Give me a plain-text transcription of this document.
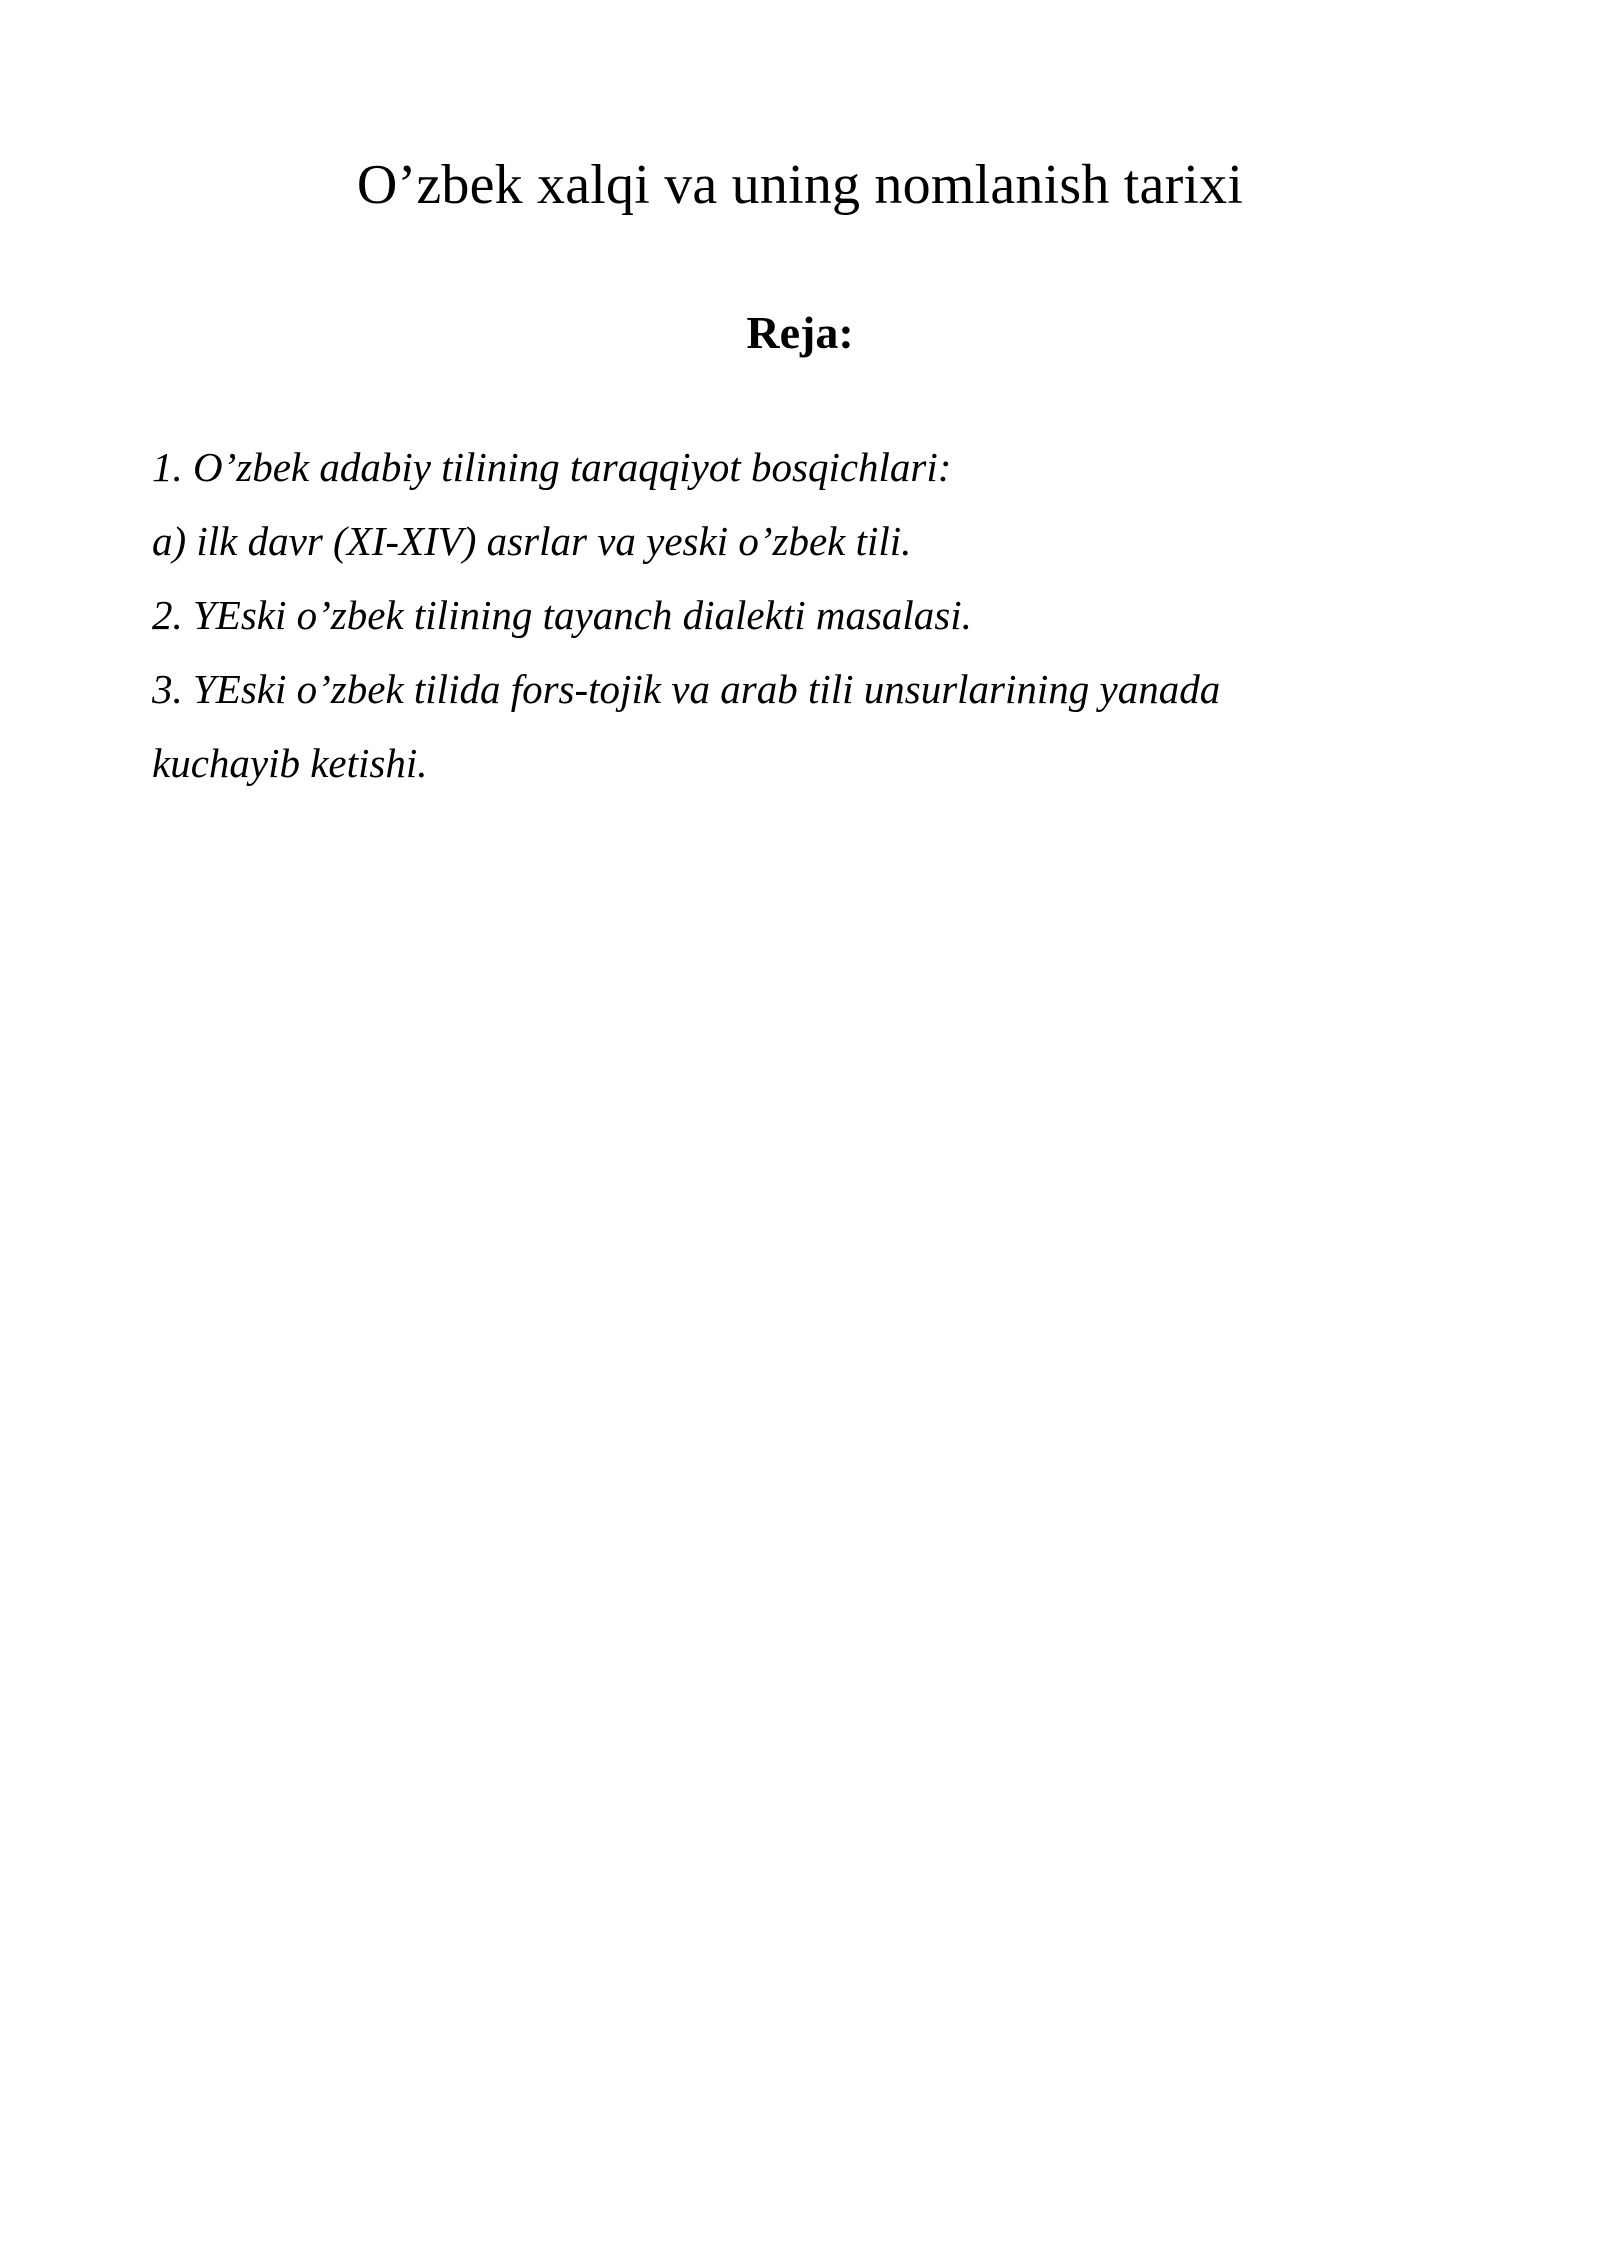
O’zbek xalqi va uning nomlanish tarixi
Reja:
1. O’zbek adabiy tilining taraqqiyot bosqichlari:
a) ilk davr (XI-XIV) asrlar va yeski o’zbek tili.
2. YEski o’zbek tilining tayanch dialekti masalasi.
3. YEski o’zbek tilida fors-tojik va arab tili unsurlarining yanada
kuchayib ketishi.
